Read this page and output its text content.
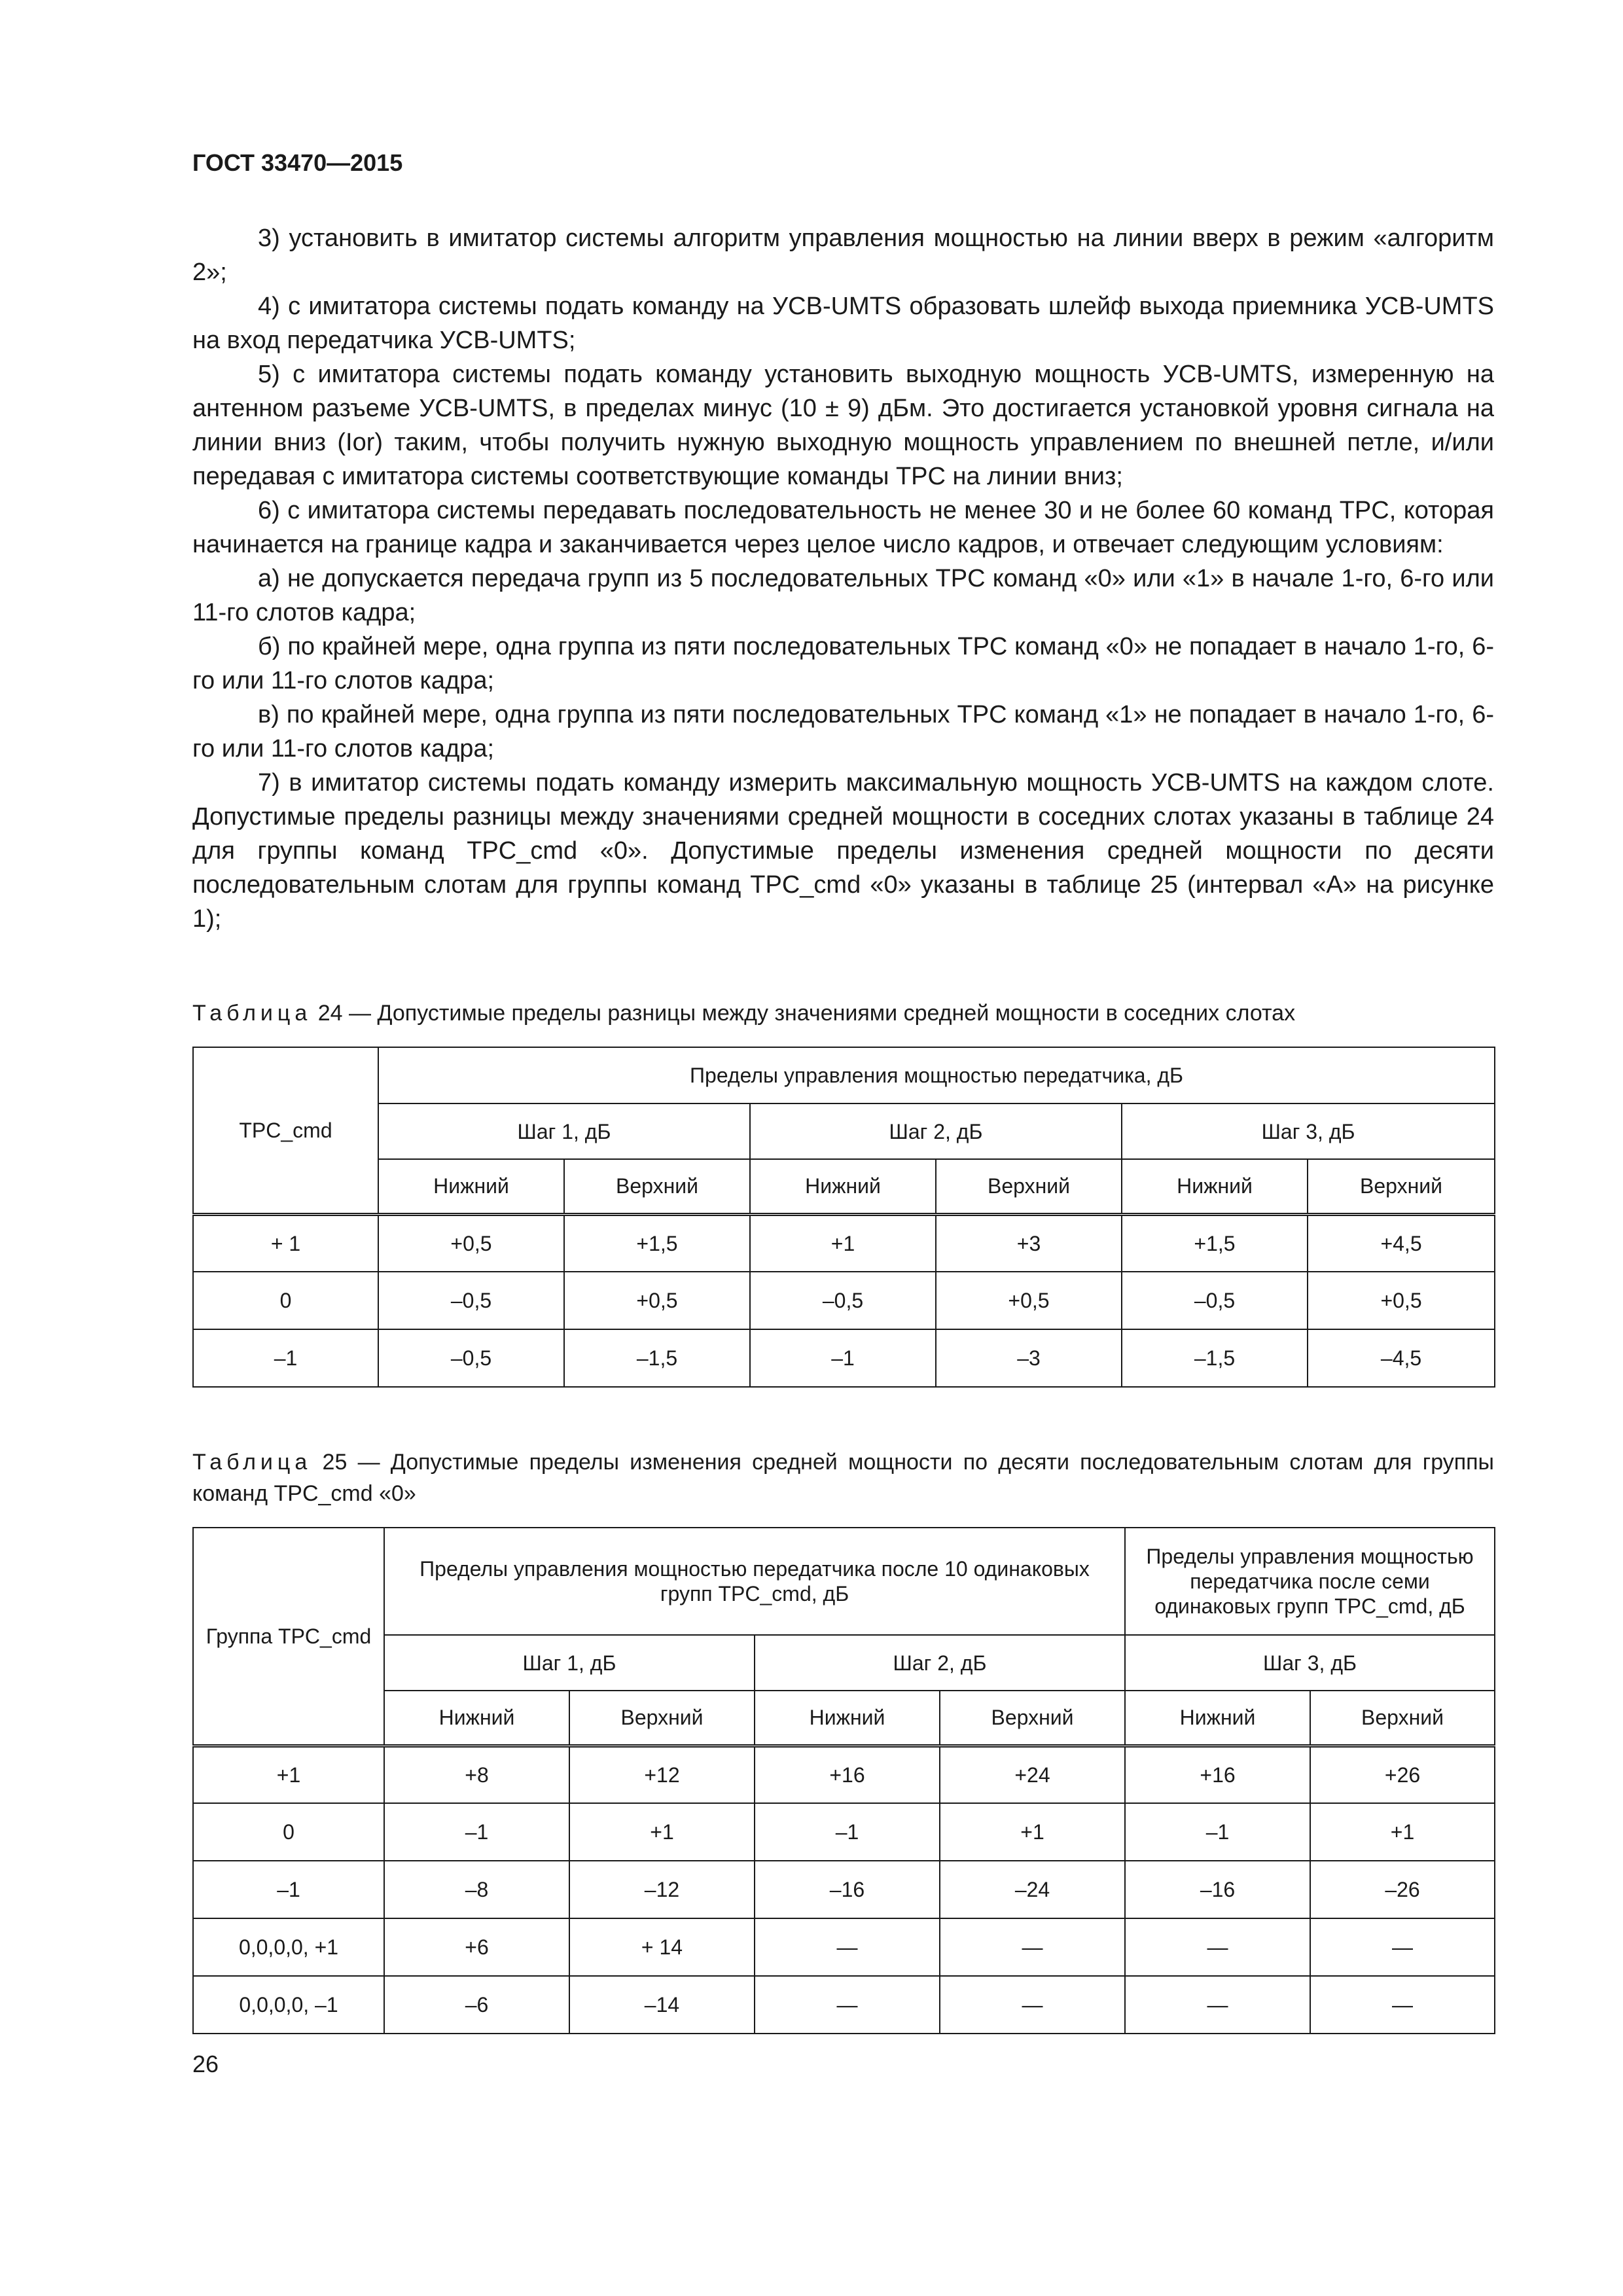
ГОСТ 33470—2015

3) установить в имитатор системы алгоритм управления мощностью на линии вверх в режим «алгоритм 2»;

4) с имитатора системы подать команду на УСВ-UMTS образовать шлейф выхода приемника УСВ-UMTS на вход передатчика УСВ-UMTS;

5) с имитатора системы подать команду установить выходную мощность УСВ-UMTS, измеренную на антенном разъеме УСВ-UMTS, в пределах минус (10 ± 9) дБм. Это достигается установкой уровня сигнала на линии вниз (Ior) таким, чтобы получить нужную выходную мощность управлением по внешней петле, и/или передавая с имитатора системы соответствующие команды TPC на линии вниз;

6) с имитатора системы передавать последовательность не менее 30 и не более 60 команд TPC, которая начинается на границе кадра и заканчивается через целое число кадров, и отвечает следующим условиям:

а) не допускается передача групп из 5 последовательных TPC команд «0» или «1» в начале 1-го, 6-го или 11-го слотов кадра;

б) по крайней мере, одна группа из пяти последовательных TPC команд «0» не попадает в начало 1-го, 6-го или 11-го слотов кадра;

в) по крайней мере, одна группа из пяти последовательных TPC команд «1» не попадает в начало 1-го, 6-го или 11-го слотов кадра;

7) в имитатор системы подать команду измерить максимальную мощность УСВ-UMTS на каждом слоте. Допустимые пределы разницы между значениями средней мощности в соседних слотах указаны в таблице 24 для группы команд TPC_cmd «0». Допустимые пределы изменения средней мощности по десяти последовательным слотам для группы команд TPC_cmd «0» указаны в таблице 25 (интервал «А» на рисунке 1);

Таблица 24 — Допустимые пределы разницы между значениями средней мощности в соседних слотах
TPC_cmd	Пределы управления мощностью передатчика, дБ					
	Шаг 1, дБ		Шаг 2, дБ		Шаг 3, дБ	
	Нижний	Верхний	Нижний	Верхний	Нижний	Верхний
+ 1	+0,5	+1,5	+1	+3	+1,5	+4,5
0	–0,5	+0,5	–0,5	+0,5	–0,5	+0,5
–1	–0,5	–1,5	–1	–3	–1,5	–4,5
Таблица 25 — Допустимые пределы изменения средней мощности по десяти последовательным слотам для группы команд TPC_cmd «0»
Группа TPC_cmd	Пределы управления мощностью передатчика после 10 одинаковых групп TPC_cmd, дБ				Пределы управления мощностью передатчика после семи одинаковых групп TPC_cmd, дБ	
	Шаг 1, дБ		Шаг 2, дБ		Шаг 3, дБ	
	Нижний	Верхний	Нижний	Верхний	Нижний	Верхний
+1	+8	+12	+16	+24	+16	+26
0	–1	+1	–1	+1	–1	+1
–1	–8	–12	–16	–24	–16	–26
0,0,0,0, +1	+6	+ 14	—	—	—	—
0,0,0,0, –1	–6	–14	—	—	—	—
26
